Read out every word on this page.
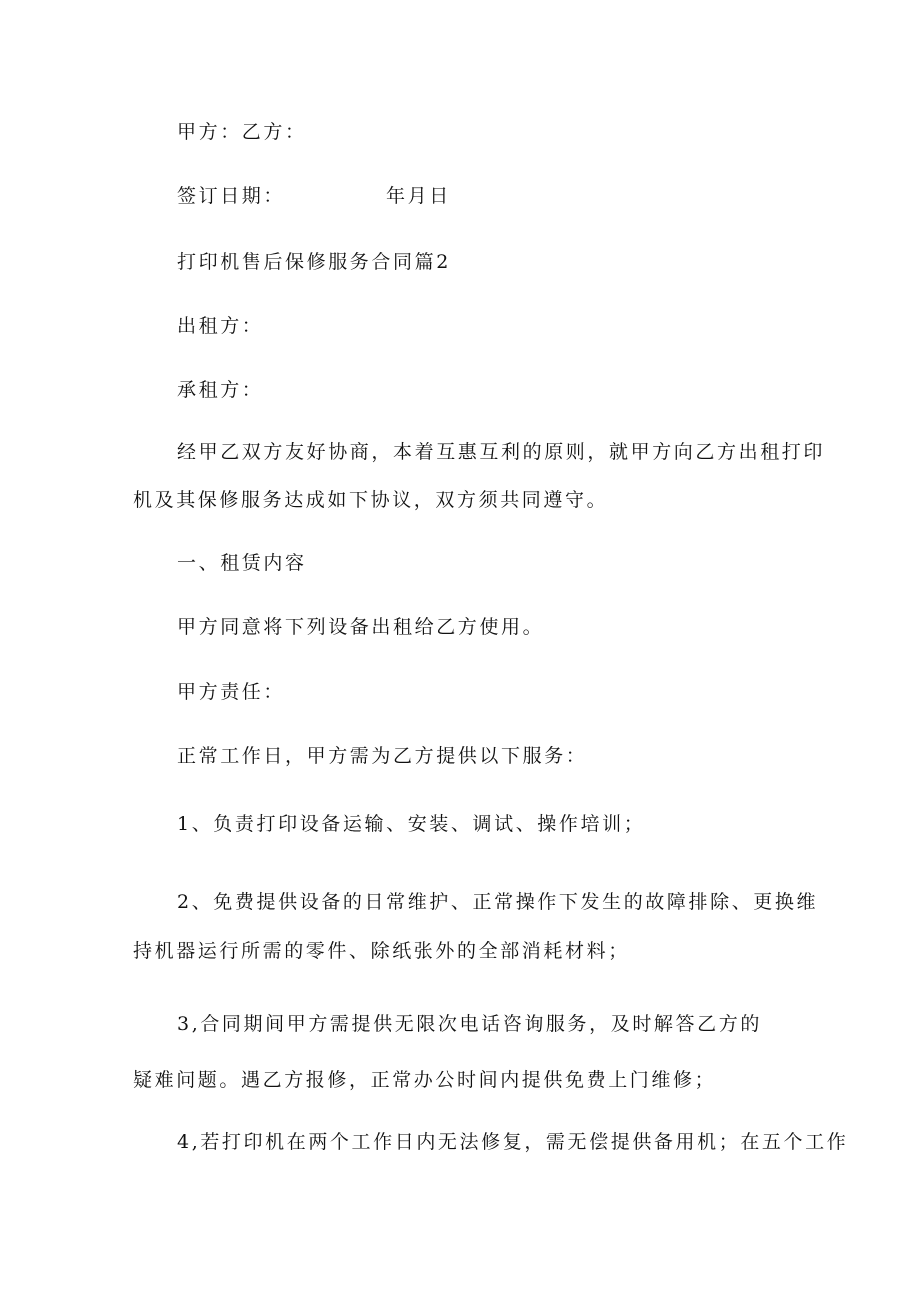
甲方：乙方：
签订日期：	年月日
打印机售后保修服务合同篇2
出租方：
承租方：
经甲乙双方友好协商，本着互惠互利的原则，就甲方向乙方出租打印
机及其保修服务达成如下协议，双方须共同遵守。
一、租赁内容
甲方同意将下列设备出租给乙方使用。
甲方责任：
正常工作日，甲方需为乙方提供以下服务：
1、负责打印设备运输、安装、调试、操作培训；
2、免费提供设备的日常维护、正常操作下发生的故障排除、更换维
持机器运行所需的零件、除纸张外的全部消耗材料；
3,合同期间甲方需提供无限次电话咨询服务，及时解答乙方的
疑难问题。遇乙方报修，正常办公时间内提供免费上门维修；
4,若打印机在两个工作日内无法修复，需无偿提供备用机；在五个工作
